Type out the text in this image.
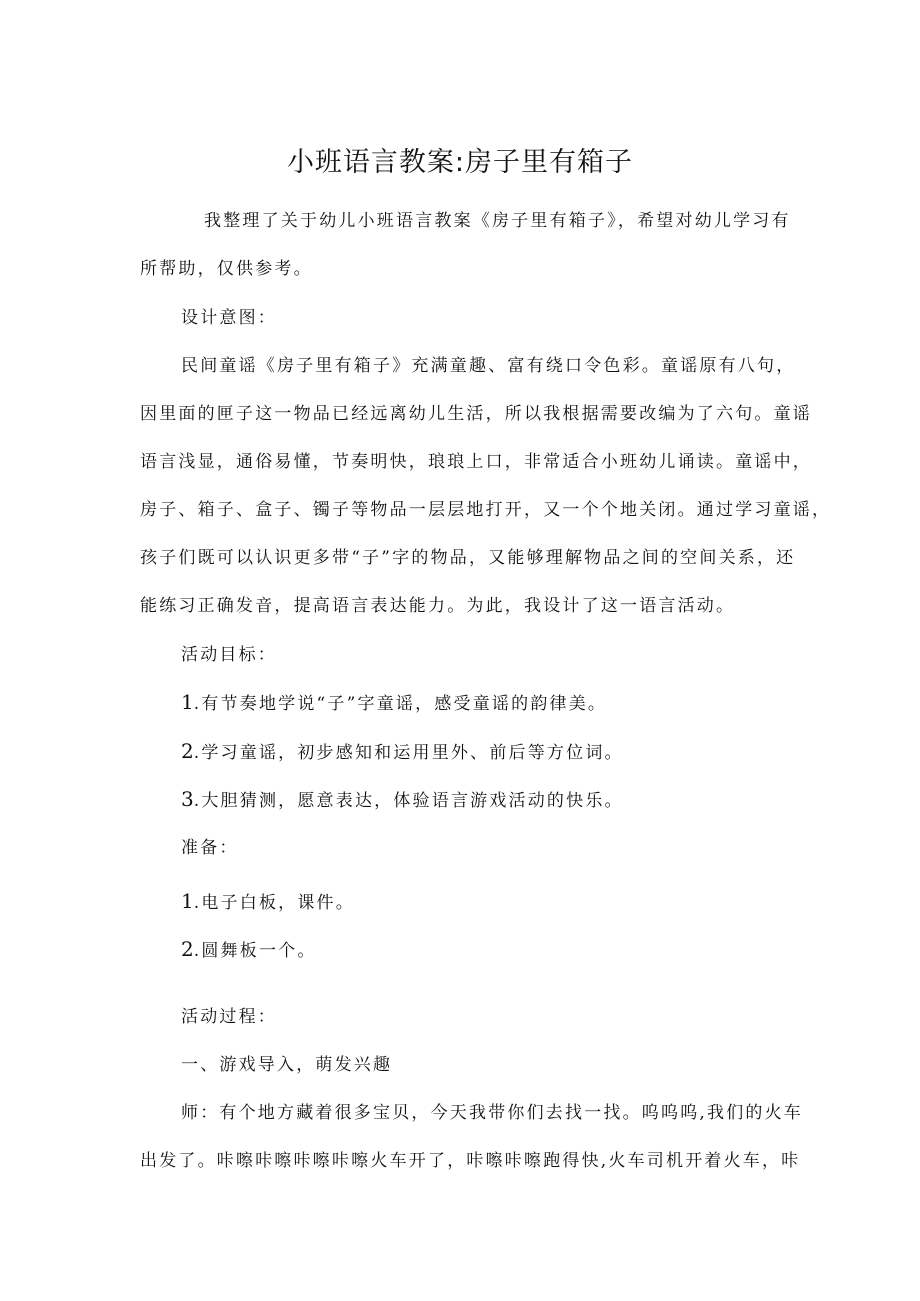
小班语言教案:房子里有箱子

我整理了关于幼儿小班语言教案《房子里有箱子》，希望对幼儿学习有

所帮助，仅供参考。

设计意图：

民间童谣《房子里有箱子》充满童趣、富有绕口令色彩。童谣原有八句，

因里面的匣子这一物品已经远离幼儿生活，所以我根据需要改编为了六句。童谣

语言浅显，通俗易懂，节奏明快，琅琅上口，非常适合小班幼儿诵读。童谣中，

房子、箱子、盒子、镯子等物品一层层地打开，又一个个地关闭。通过学习童谣，

孩子们既可以认识更多带“子”字的物品，又能够理解物品之间的空间关系，还

能练习正确发音，提高语言表达能力。为此，我设计了这一语言活动。

活动目标：

1.有节奏地学说“子”字童谣，感受童谣的韵律美。

2.学习童谣，初步感知和运用里外、前后等方位词。

3.大胆猜测，愿意表达，体验语言游戏活动的快乐。

准备：

1.电子白板，课件。

2.圆舞板一个。

活动过程：

一、游戏导入，萌发兴趣

师：有个地方藏着很多宝贝，今天我带你们去找一找。呜呜呜,我们的火车

出发了。咔嚓咔嚓咔嚓咔嚓火车开了，咔嚓咔嚓跑得快,火车司机开着火车，咔
